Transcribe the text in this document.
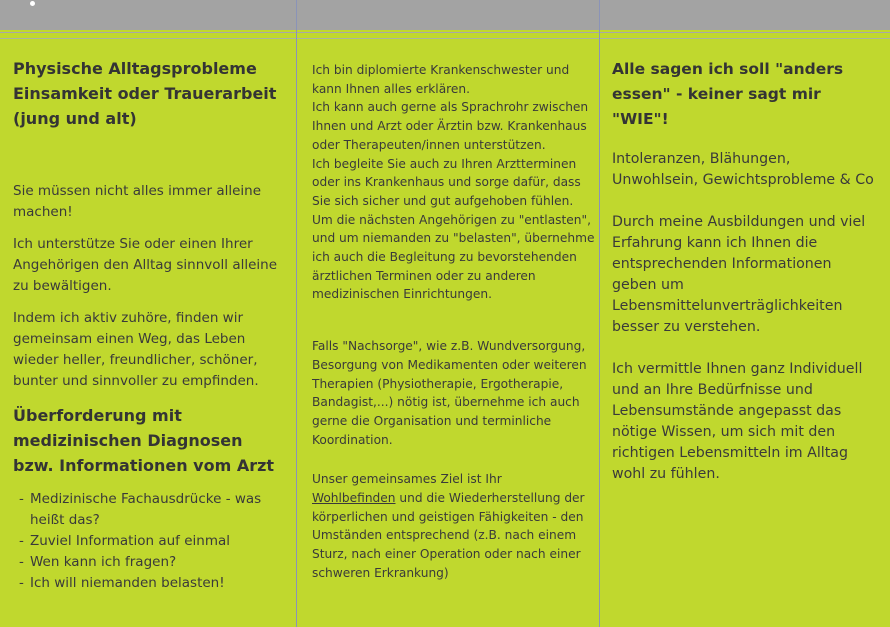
Physische Alltagsprobleme Einsamkeit oder Trauerarbeit (jung und alt)

Sie müssen nicht alles immer alleine machen!

Ich unterstütze Sie oder einen Ihrer Angehörigen den Alltag sinnvoll alleine zu bewältigen.

Indem ich aktiv zuhöre, finden wir gemeinsam einen Weg, das Leben wieder heller, freundlicher, schöner, bunter und sinnvoller zu empfinden.

Überforderung mit medizinischen Diagnosen bzw. Informationen vom Arzt

- Medizinische Fachausdrücke - was heißt das?
- Zuviel Information auf einmal
- Wen kann ich fragen?
- Ich will niemanden belasten!

Ich bin diplomierte Krankenschwester und kann Ihnen alles erklären.

Ich kann auch gerne als Sprachrohr zwischen Ihnen und Arzt oder Ärztin bzw. Krankenhaus oder Therapeuten/innen unterstützen.

Ich begleite Sie auch zu Ihren Arztterminen oder ins Krankenhaus und sorge dafür, dass Sie sich sicher und gut aufgehoben fühlen.

Um die nächsten Angehörigen zu "entlasten", und um niemanden zu "belasten", übernehme ich auch die Begleitung zu bevorstehenden ärztlichen Terminen oder zu anderen medizinischen Einrichtungen.

Falls "Nachsorge", wie z.B. Wundversorgung, Besorgung von Medikamenten oder weiteren Therapien (Physiotherapie, Ergotherapie, Bandagist,...) nötig ist, übernehme ich auch gerne die Organisation und terminliche Koordination.

Unser gemeinsames Ziel ist Ihr
Wohlbefinden und die Wiederherstellung der körperlichen und geistigen Fähigkeiten - den Umständen entsprechend (z.B. nach einem Sturz, nach einer Operation oder nach einer schweren Erkrankung)

Alle sagen ich soll "anders essen" - keiner sagt mir "WIE"!

Intoleranzen, Blähungen, Unwohlsein, Gewichtsprobleme & Co

Durch meine Ausbildungen und viel Erfahrung kann ich Ihnen die entsprechenden Informationen geben um Lebensmittelunverträglichkeiten besser zu verstehen.

Ich vermittle Ihnen ganz Individuell und an Ihre Bedürfnisse und Lebensumstände angepasst das nötige Wissen, um sich mit den richtigen Lebensmitteln im Alltag wohl zu fühlen.
